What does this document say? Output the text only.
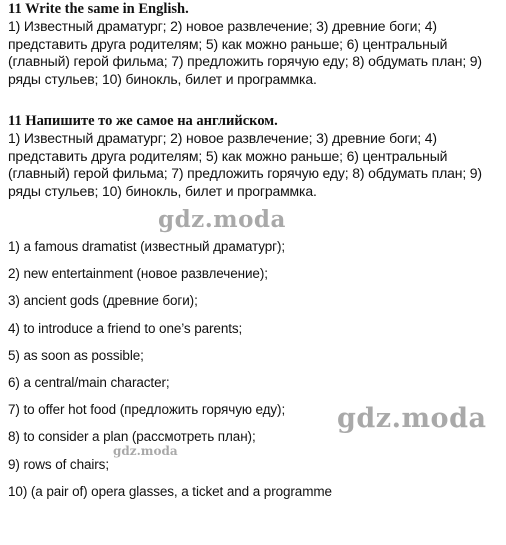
11 Write the same in English.
1) Известный драматург; 2) новое развлечение; 3) древние боги; 4) представить друга родителям; 5) как можно раньше; 6) центральный (главный) герой фильма; 7) предложить горячую еду; 8) обдумать план; 9) ряды стульев; 10) бинокль, билет и программка.
11 Напишите то же самое на английском.
1) Известный драматург; 2) новое развлечение; 3) древние боги; 4) представить друга родителям; 5) как можно раньше; 6) центральный (главный) герой фильма; 7) предложить горячую еду; 8) обдумать план; 9) ряды стульев; 10) бинокль, билет и программка.
gdz.moda
1) a famous dramatist (известный драматург);
2) new entertainment (новое развлечение);
3) ancient gods (древние боги);
4) to introduce a friend to one’s parents;
5) as soon as possible;
6) a central/main character;
7) to offer hot food (предложить горячую еду);
8) to consider a plan (рассмотреть план);
9) rows of chairs;
10) (a pair of) opera glasses, a ticket and a programme
gdz.moda
gdz.moda
